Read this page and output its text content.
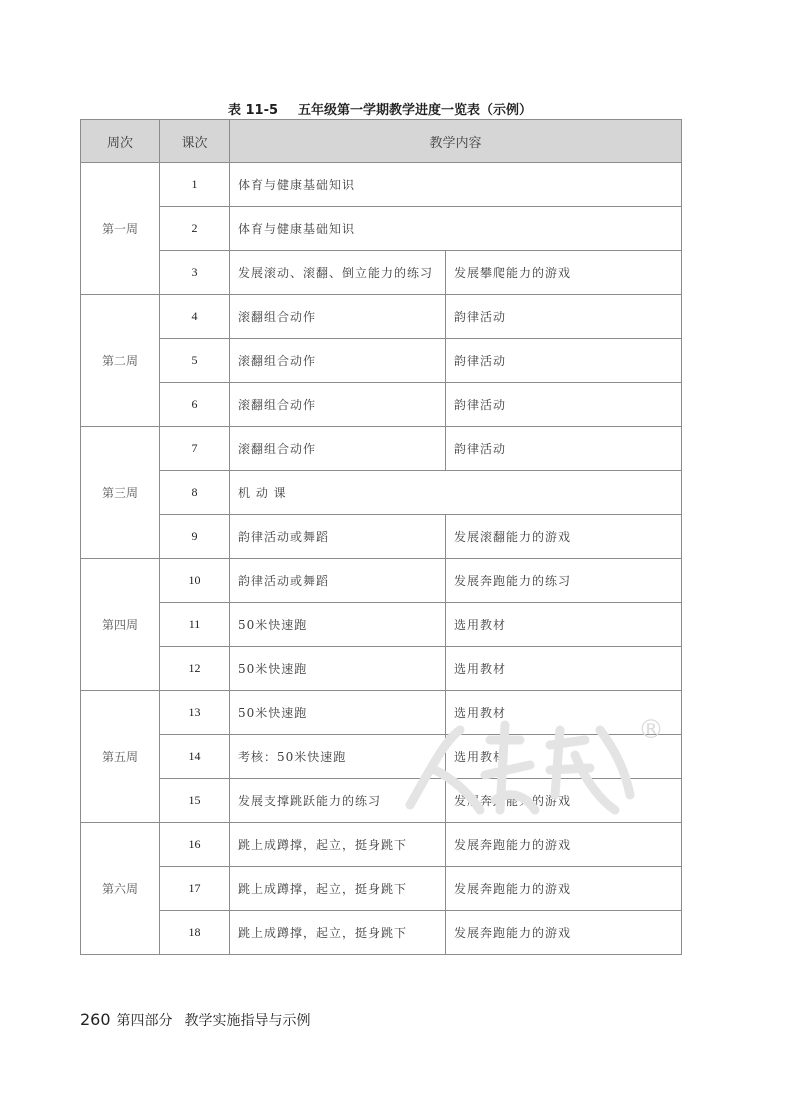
表 11-5 五年级第一学期教学进度一览表（示例）
周次	课次	教学内容	
第一周	1	体育与健康基础知识	
	2	体育与健康基础知识	
	3	发展滚动、滚翻、倒立能力的练习	发展攀爬能力的游戏
第二周	4	滚翻组合动作	韵律活动
	5	滚翻组合动作	韵律活动
	6	滚翻组合动作	韵律活动
第三周	7	滚翻组合动作	韵律活动
	8	机 动 课	
	9	韵律活动或舞蹈	发展滚翻能力的游戏
第四周	10	韵律活动或舞蹈	发展奔跑能力的练习
	11	50米快速跑	选用教材
	12	50米快速跑	选用教材
第五周	13	50米快速跑	选用教材
	14	考核：50米快速跑	选用教材
	15	发展支撑跳跃能力的练习	发展奔跑能力的游戏
第六周	16	跳上成蹲撑，起立，挺身跳下	发展奔跑能力的游戏
	17	跳上成蹲撑，起立，挺身跳下	发展奔跑能力的游戏
	18	跳上成蹲撑，起立，挺身跳下	发展奔跑能力的游戏
®
260 第四部分 教学实施指导与示例
